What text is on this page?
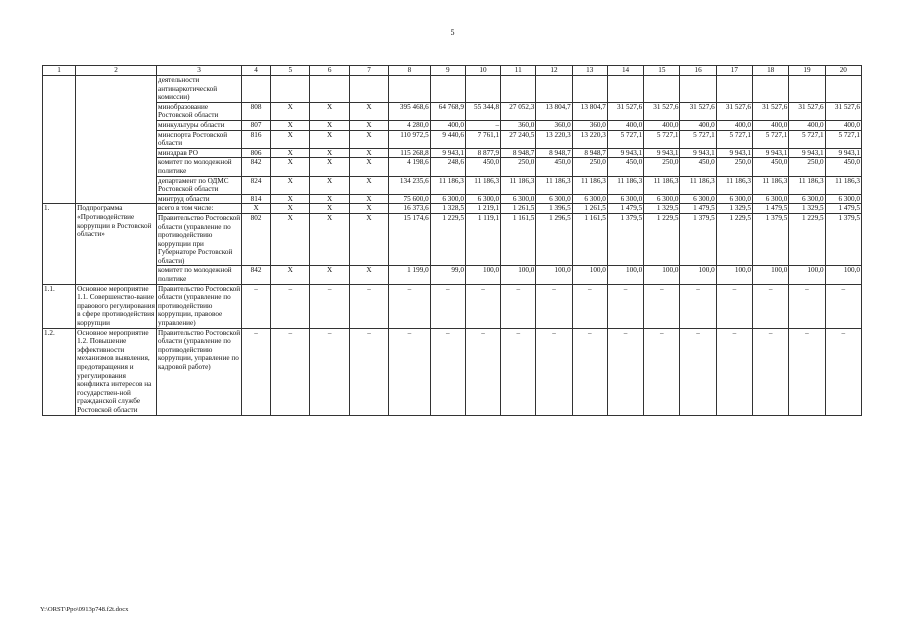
5
1	2	3	4	5	6	7	8	9	10	11	12	13	14	15	16	17	18	19	20
		деятельности антинаркотической комиссии)																	
		минобразование Ростовской области	808	X	X	X	395 468,6	64 768,9	55 344,8	27 052,3	13 804,7	13 804,7	31 527,6	31 527,6	31 527,6	31 527,6	31 527,6	31 527,6	31 527,6
		минкультуры области	807	X	X	X	4 280,0	400,0	–	360,0	360,0	360,0	400,0	400,0	400,0	400,0	400,0	400,0	400,0
		минспорта Ростовской области	816	X	X	X	110 972,5	9 440,6	7 761,1	27 240,5	13 220,3	13 220,3	5 727,1	5 727,1	5 727,1	5 727,1	5 727,1	5 727,1	5 727,1
		минздрав РО	806	X	X	X	115 268,8	9 943,1	8 877,9	8 948,7	8 948,7	8 948,7	9 943,1	9 943,1	9 943,1	9 943,1	9 943,1	9 943,1	9 943,1
		комитет по молодежной политике	842	X	X	X	4 198,6	248,6	450,0	250,0	450,0	250,0	450,0	250,0	450,0	250,0	450,0	250,0	450,0
		департамент по ОДМС Ростовской области	824	X	X	X	134 235,6	11 186,3	11 186,3	11 186,3	11 186,3	11 186,3	11 186,3	11 186,3	11 186,3	11 186,3	11 186,3	11 186,3	11 186,3
		минтруд области	814	X	X	X	75 600,0	6 300,0	6 300,0	6 300,0	6 300,0	6 300,0	6 300,0	6 300,0	6 300,0	6 300,0	6 300,0	6 300,0	6 300,0
1.	Подпрограмма «Противодействие коррупции в Ростовской области»	всего в том числе:	X	X	X	X	16 373,6	1 328,5	1 219,1	1 261,5	1 396,5	1 261,5	1 479,5	1 329,5	1 479,5	1 329,5	1 479,5	1 329,5	1 479,5
		Правительство Ростовской области (управление по противодействию коррупции при Губернаторе Ростовской области)	802	X	X	X	15 174,6	1 229,5	1 119,1	1 161,5	1 296,5	1 161,5	1 379,5	1 229,5	1 379,5	1 229,5	1 379,5	1 229,5	1 379,5
		комитет по молодежной политике	842	X	X	X	1 199,0	99,0	100,0	100,0	100,0	100,0	100,0	100,0	100,0	100,0	100,0	100,0	100,0
1.1.	Основное мероприятие 1.1. Совершенство-вание правового регулирования в сфере противодействия коррупции	Правительство Ростовской области (управление по противодействию коррупции, правовое управление)	–	–	–	–	–	–	–	–	–	–	–	–	–	–	–	–	–
1.2.	Основное мероприятие 1.2. Повышение эффективности механизмов выявления, предотвращения и урегулирования конфликта интересов на государствен-ной гражданской службе Ростовской области	Правительство Ростовской области (управление по противодействию коррупции, управление по кадровой работе)	–	–	–	–	–	–	–	–	–	–	–	–	–	–	–	–	–
Y:\ORST\Ppo\0913p748.f2t.docx
